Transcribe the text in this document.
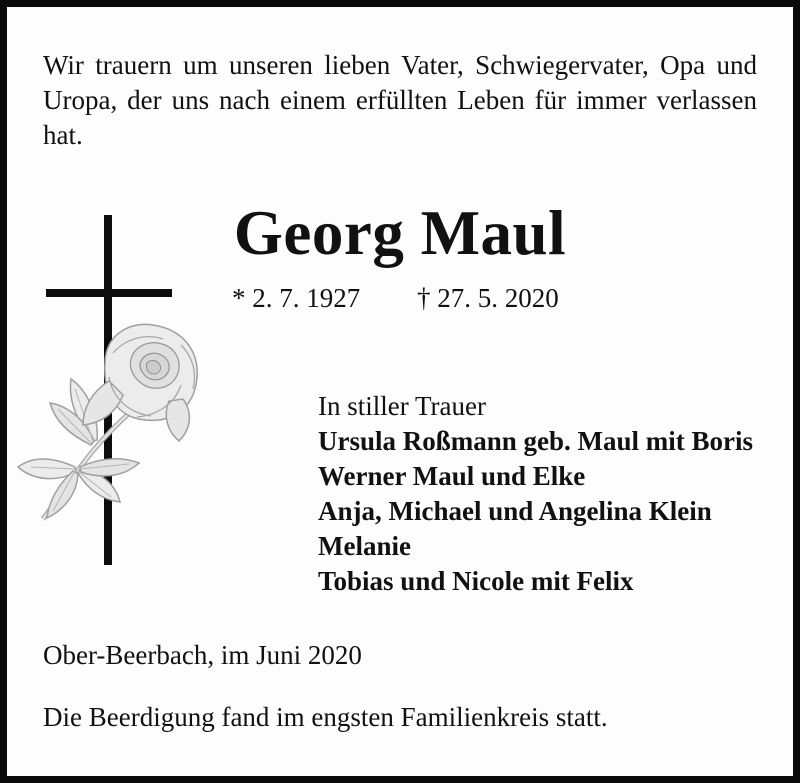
Wir trauern um unseren lieben Vater, Schwiegervater, Opa und Uropa, der uns nach einem erfüllten Leben für immer verlassen hat.

Georg Maul
* 2. 7. 1927 † 27. 5. 2020
In stiller Trauer
Ursula Roßmann geb. Maul mit Boris
Werner Maul und Elke
Anja, Michael und Angelina Klein
Melanie
Tobias und Nicole mit Felix
Ober-Beerbach, im Juni 2020
Die Beerdigung fand im engsten Familienkreis statt.
